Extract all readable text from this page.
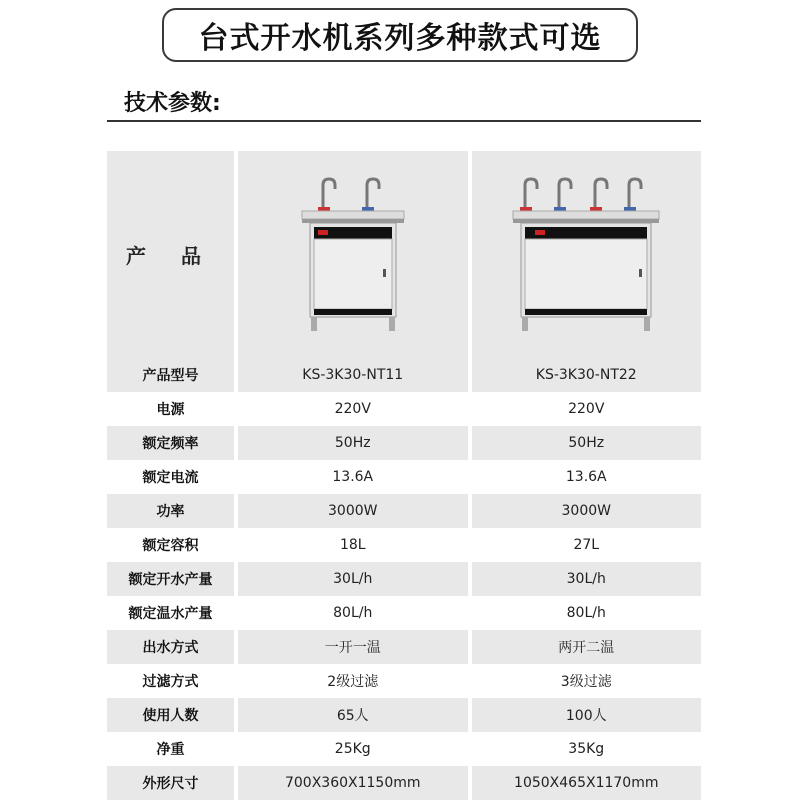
台式开水机系列多种款式可选
技术参数:
产 品
产品型号	KS-3K30-NT11	KS-3K30-NT22
电源	220V	220V
额定频率	50Hz	50Hz
额定电流	13.6A	13.6A
功率	3000W	3000W
额定容积	18L	27L
额定开水产量	30L/h	30L/h
额定温水产量	80L/h	80L/h
出水方式	一开一温	两开二温
过滤方式	2级过滤	3级过滤
使用人数	65人	100人
净重	25Kg	35Kg
外形尺寸	700X360X1150mm	1050X465X1170mm
